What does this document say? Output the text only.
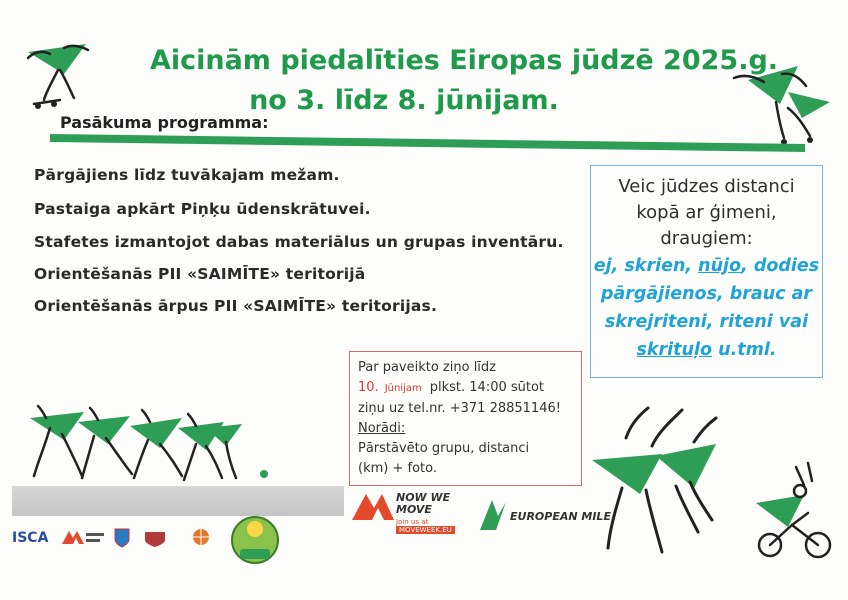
Aicinām piedalīties Eiropas jūdzē 2025.g.
no 3. līdz 8. jūnijam.
Pasākuma programma:
Pārgājiens līdz tuvākajam mežam.
Pastaiga apkārt Piņķu ūdenskrātuvei.
Stafetes izmantojot dabas materiālus un grupas inventāru.
Orientēšanās PII «SAIMĪTE» teritorijā
Orientēšanās ārpus PII «SAIMĪTE» teritorijas.
Veic jūdzes distanci
kopā ar ģimeni,
draugiem:
ej, skrien, nūjo, dodies
pārgājienos, brauc ar
skrejriteni, riteni vai
skrituļo u.tml.
Par paveikto ziņo līdz
10. Jūnijam plkst. 14:00 sūtot
ziņu uz tel.nr. +371 28851146!
Norādi:
Pārstāvēto grupu, distanci
(km) + foto.
NOW WE MOVE
Join us at
MOVEWEEK.EU
EUROPEAN MILE
ISCA
